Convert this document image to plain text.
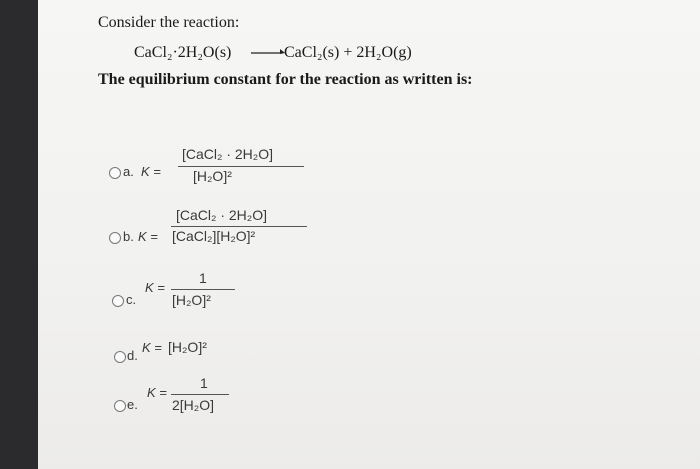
Consider the reaction:
CaCl₂·2H₂O(s) →
CaCl₂(s) + 2H₂O(g)
The equilibrium constant for the reaction as written is:
a. K =
[CaCl₂ · 2H₂O]
[H₂O]²
b. K =
[CaCl₂ · 2H₂O]
[CaCl₂][H₂O]²
c.
K =
1
[H₂O]²
d.
K = [H₂O]²
e.
K =
1
2[H₂O]
